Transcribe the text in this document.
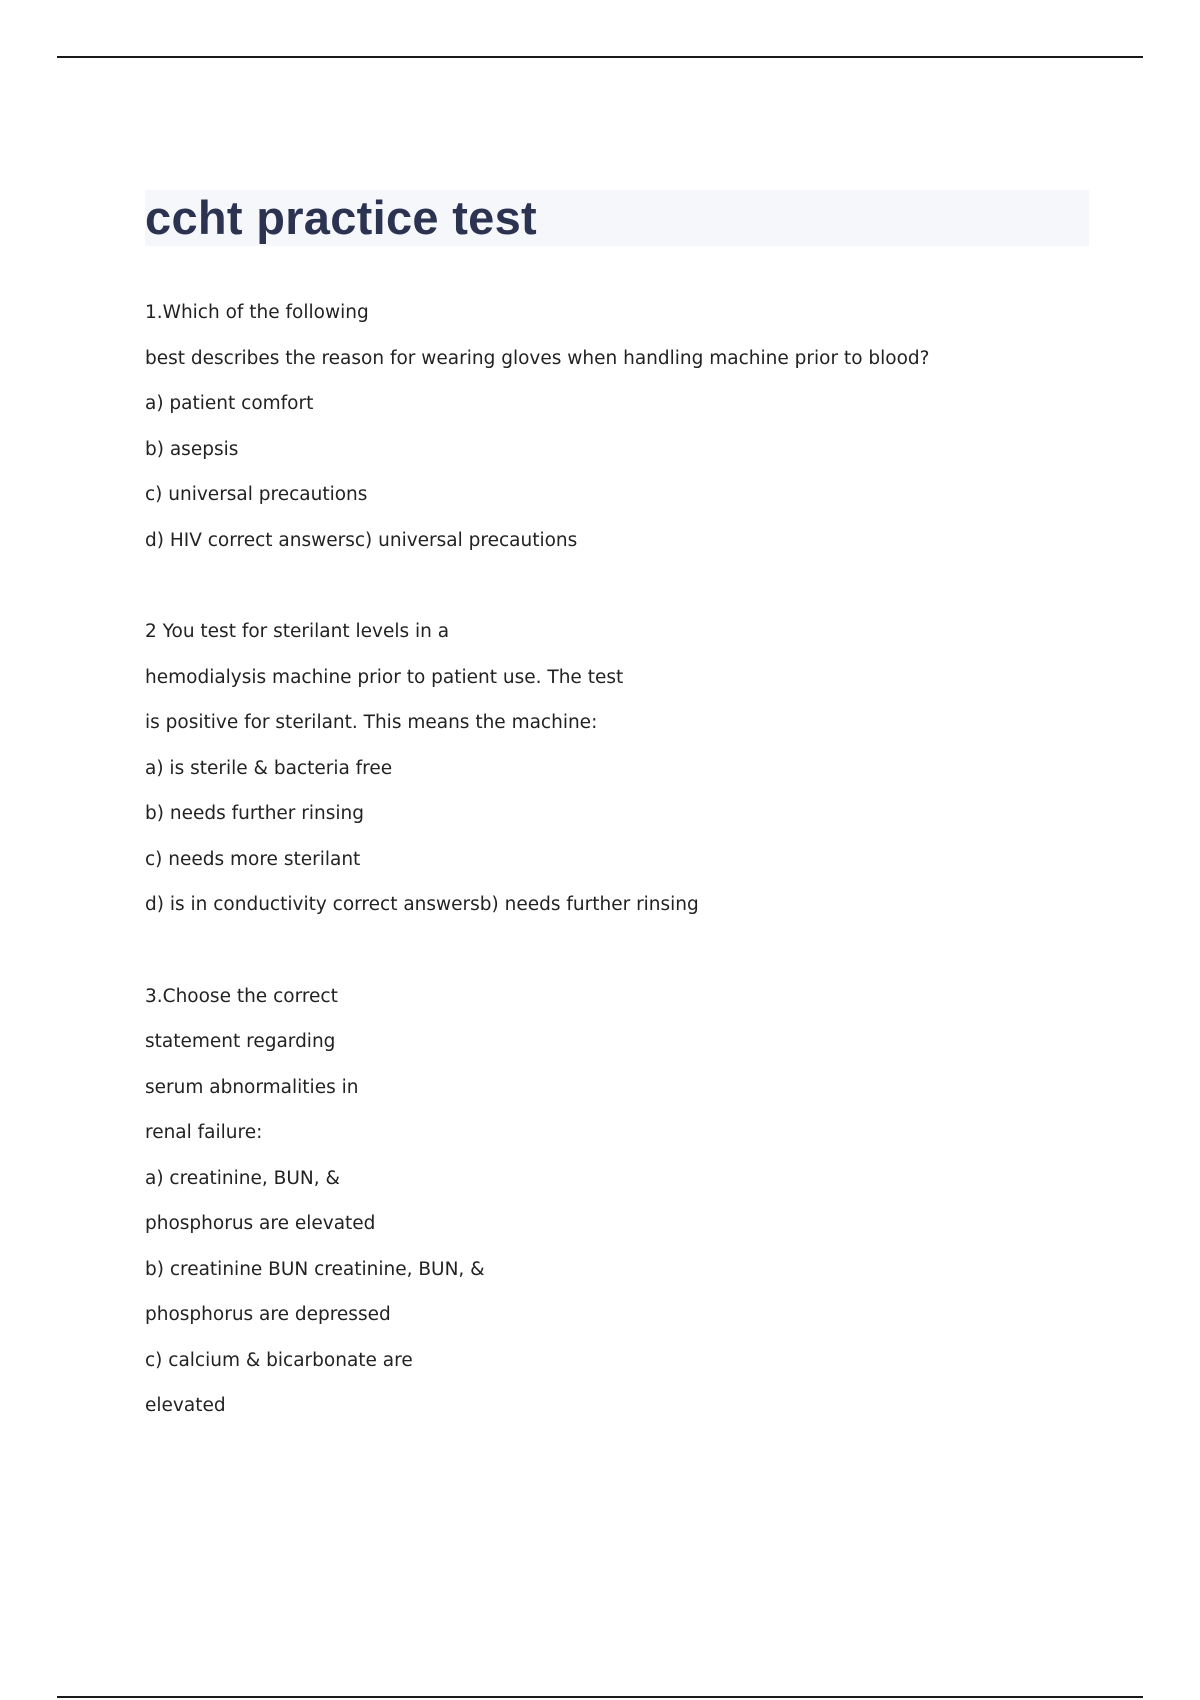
ccht practice test
1.Which of the following
best describes the reason for wearing gloves when handling machine prior to blood?
a) patient comfort
b) asepsis
c) universal precautions
d) HIV correct answersc) universal precautions
2 You test for sterilant levels in a
hemodialysis machine prior to patient use. The test
is positive for sterilant. This means the machine:
a) is sterile & bacteria free
b) needs further rinsing
c) needs more sterilant
d) is in conductivity correct answersb) needs further rinsing
3.Choose the correct
statement regarding
serum abnormalities in
renal failure:
a) creatinine, BUN, &
phosphorus are elevated
b) creatinine BUN creatinine, BUN, &
phosphorus are depressed
c) calcium & bicarbonate are
elevated
